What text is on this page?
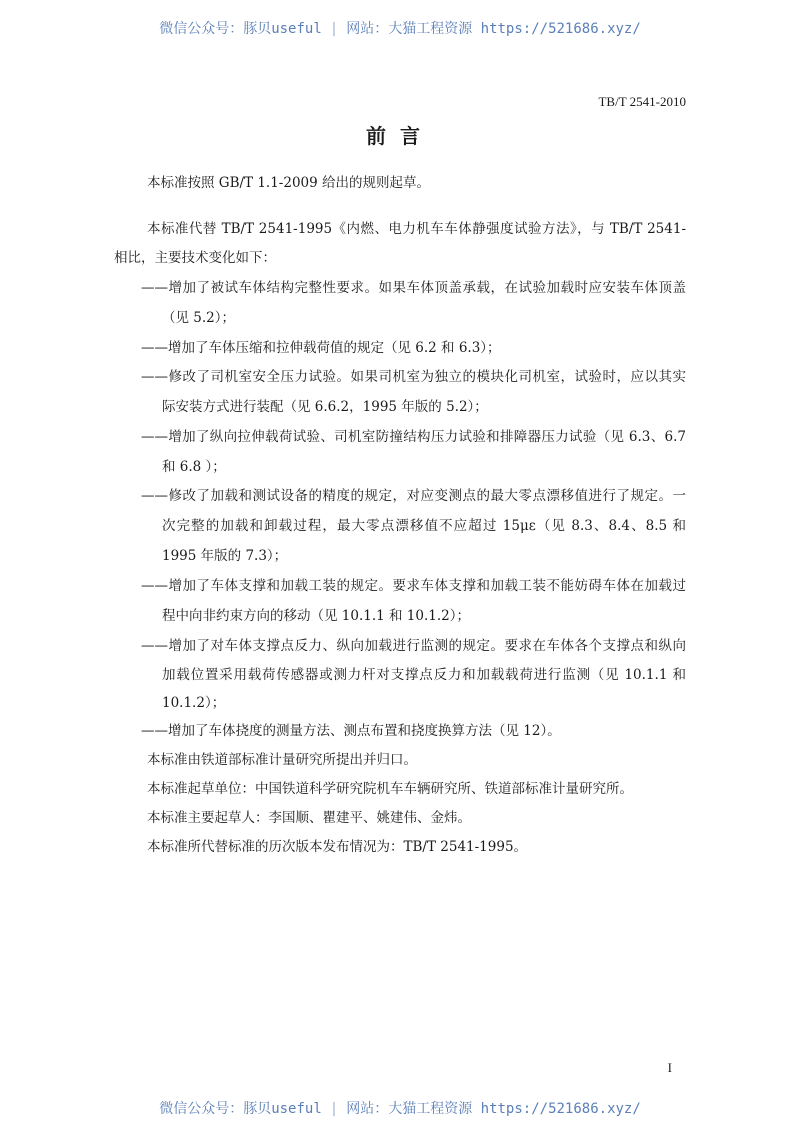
微信公众号：豚贝useful | 网站：大猫工程资源 https://521686.xyz/
TB/T 2541-2010
前言
本标准按照 GB/T 1.1-2009 给出的规则起草。
本标准代替 TB/T 2541-1995《内燃、电力机车车体静强度试验方法》，与 TB/T 2541-
相比，主要技术变化如下：
——增加了被试车体结构完整性要求。如果车体顶盖承载，在试验加载时应安装车体顶盖
（见 5.2）；
——增加了车体压缩和拉伸载荷值的规定（见 6.2 和 6.3）；
——修改了司机室安全压力试验。如果司机室为独立的模块化司机室，试验时，应以其实
际安装方式进行装配（见 6.6.2，1995 年版的 5.2）；
——增加了纵向拉伸载荷试验、司机室防撞结构压力试验和排障器压力试验（见 6.3、6.7
和 6.8 ）；
——修改了加载和测试设备的精度的规定，对应变测点的最大零点漂移值进行了规定。一
次完整的加载和卸载过程，最大零点漂移值不应超过 15με（见 8.3、8.4、8.5 和
1995 年版的 7.3）；
——增加了车体支撑和加载工装的规定。要求车体支撑和加载工装不能妨碍车体在加载过
程中向非约束方向的移动（见 10.1.1 和 10.1.2）；
——增加了对车体支撑点反力、纵向加载进行监测的规定。要求在车体各个支撑点和纵向
加载位置采用载荷传感器或测力杆对支撑点反力和加载载荷进行监测（见 10.1.1 和
10.1.2）；
——增加了车体挠度的测量方法、测点布置和挠度换算方法（见 12）。
本标准由铁道部标准计量研究所提出并归口。
本标准起草单位：中国铁道科学研究院机车车辆研究所、铁道部标准计量研究所。
本标准主要起草人：李国顺、瞿建平、姚建伟、金炜。
本标准所代替标准的历次版本发布情况为：TB/T 2541-1995。
I
微信公众号：豚贝useful | 网站：大猫工程资源 https://521686.xyz/
